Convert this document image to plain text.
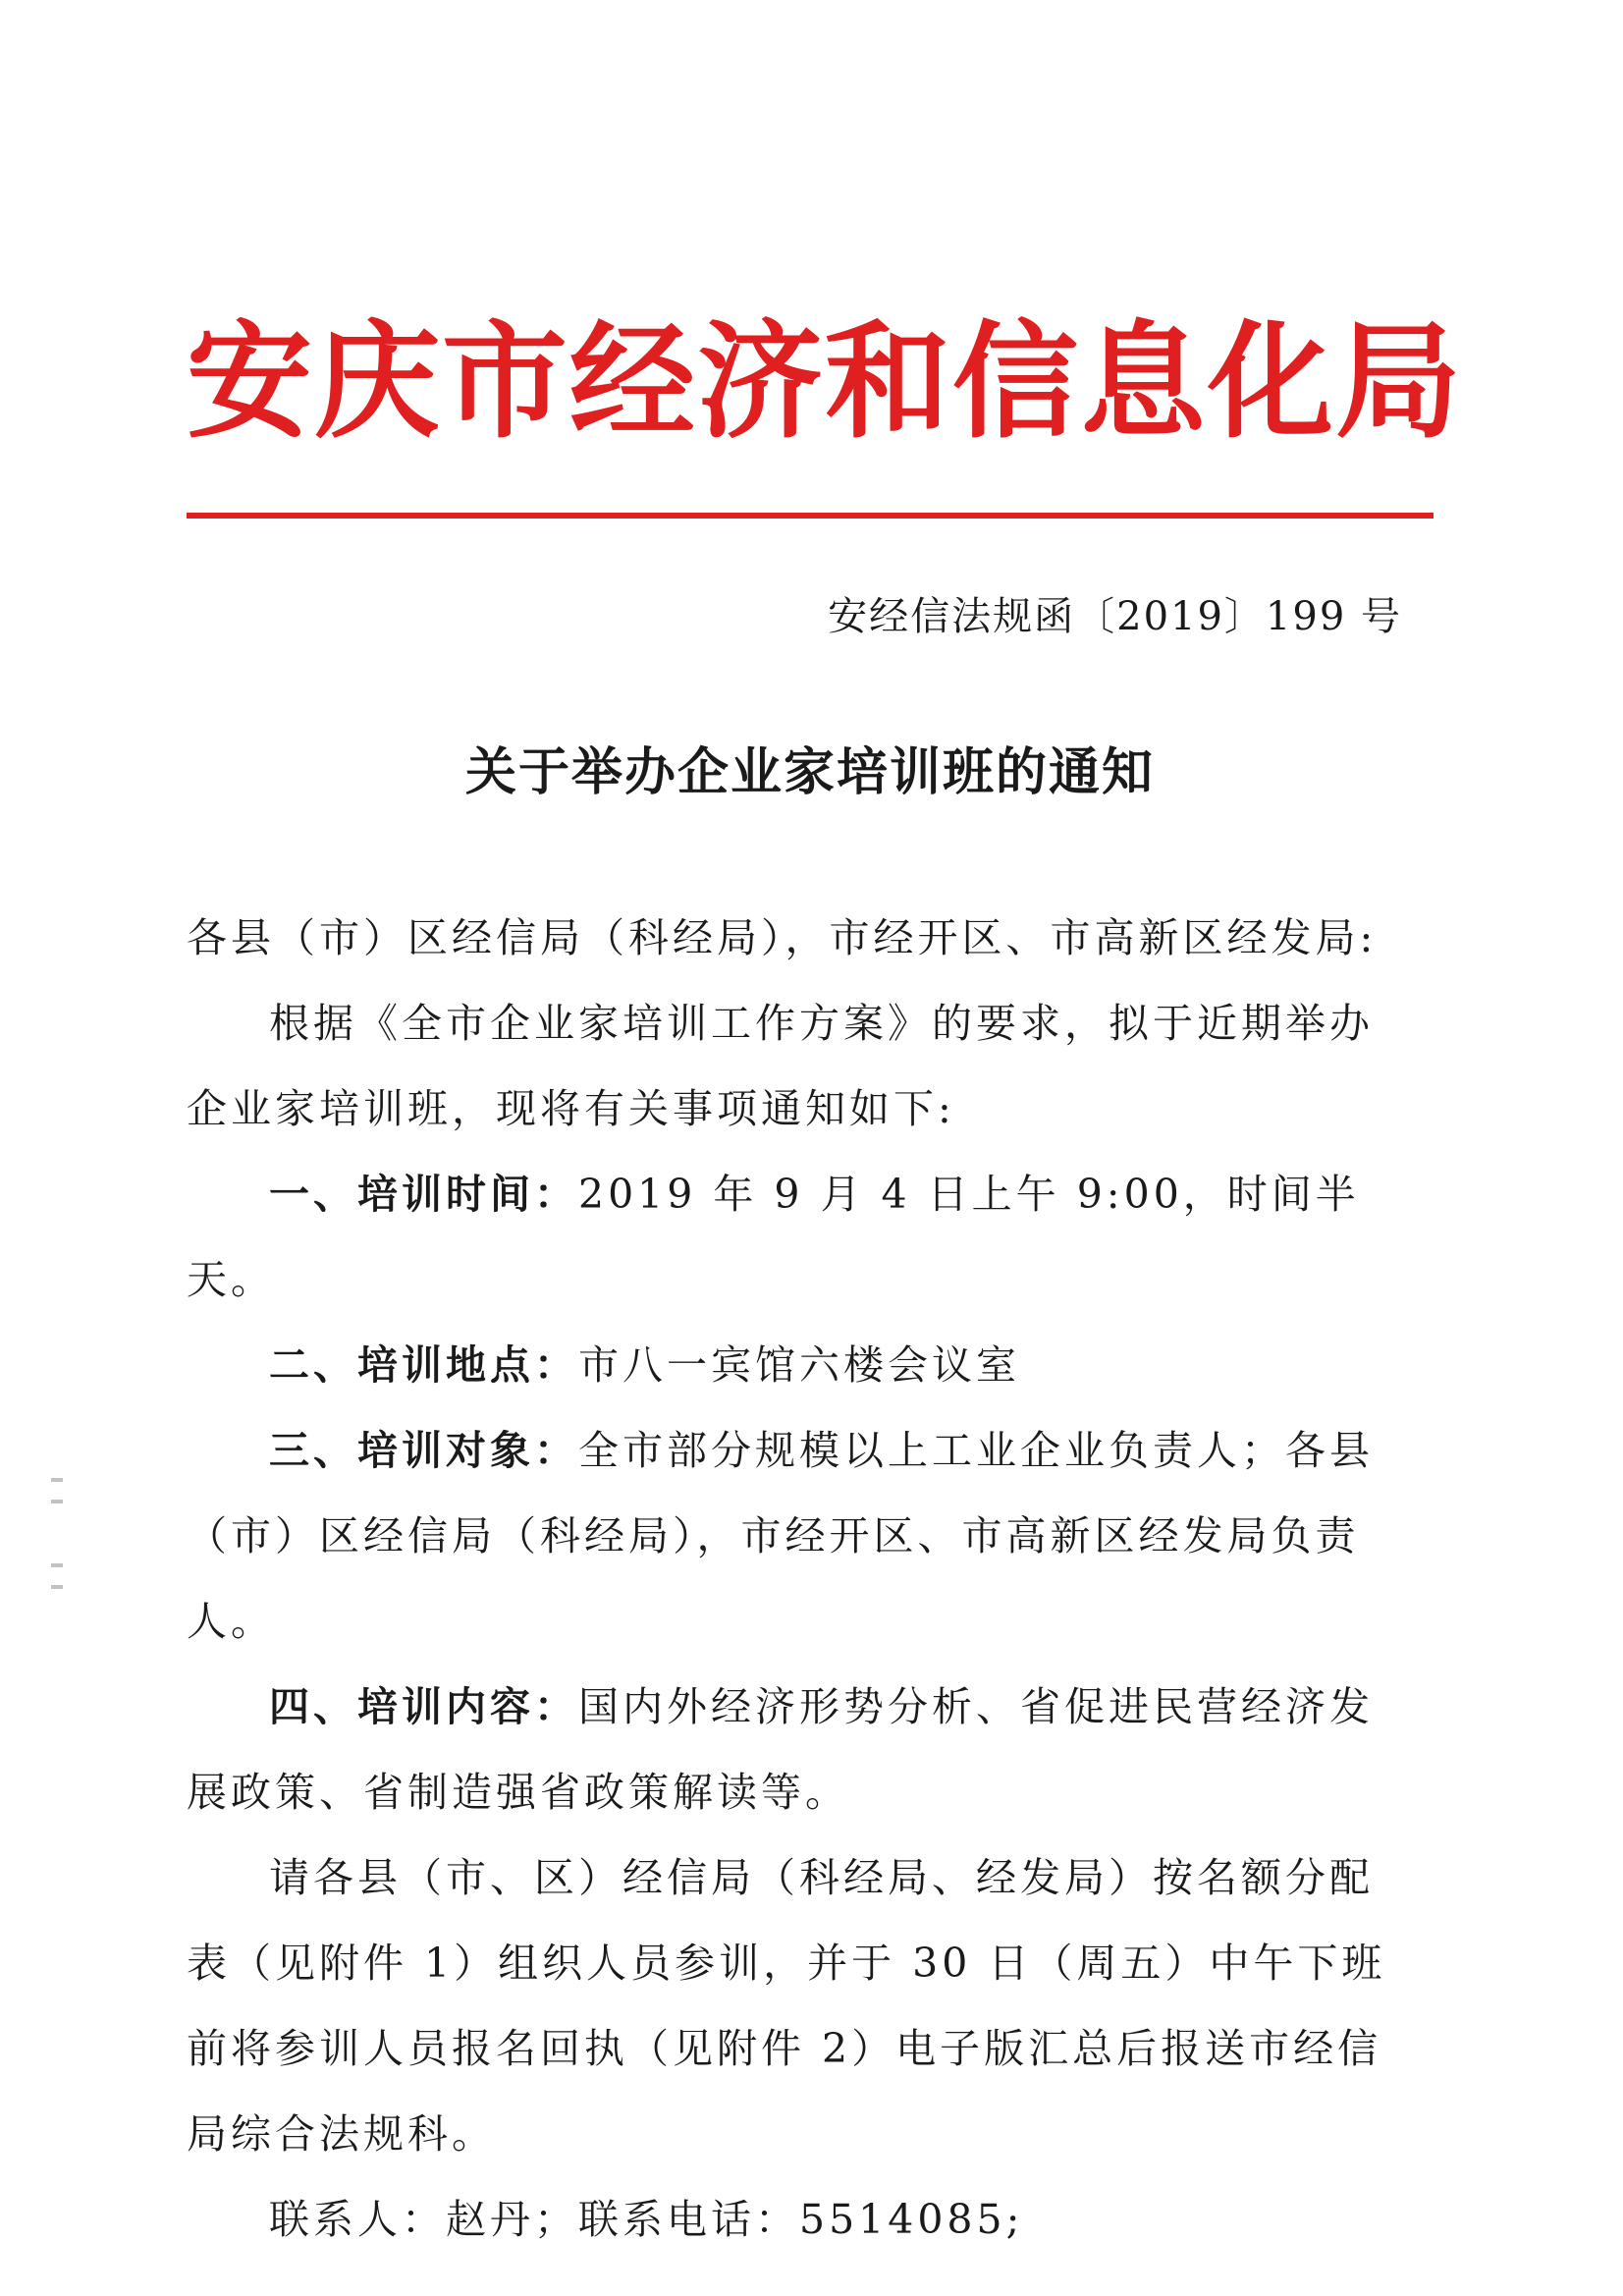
安庆市经济和信息化局
安经信法规函〔2019〕199 号
关于举办企业家培训班的通知

各县（市）区经信局（科经局），市经开区、市高新区经发局:

根据《全市企业家培训工作方案》的要求，拟于近期举办企业家培训班，现将有关事项通知如下:

一、培训时间：2019 年 9 月 4 日上午 9:00，时间半天。

二、培训地点：市八一宾馆六楼会议室

三、培训对象：全市部分规模以上工业企业负责人；各县（市）区经信局（科经局），市经开区、市高新区经发局负责人。

四、培训内容：国内外经济形势分析、省促进民营经济发展政策、省制造强省政策解读等。

请各县（市、区）经信局（科经局、经发局）按名额分配表（见附件 1）组织人员参训，并于 30 日（周五）中午下班前将参训人员报名回执（见附件 2）电子版汇总后报送市经信局综合法规科。

联系人：赵丹；联系电话：5514085;
